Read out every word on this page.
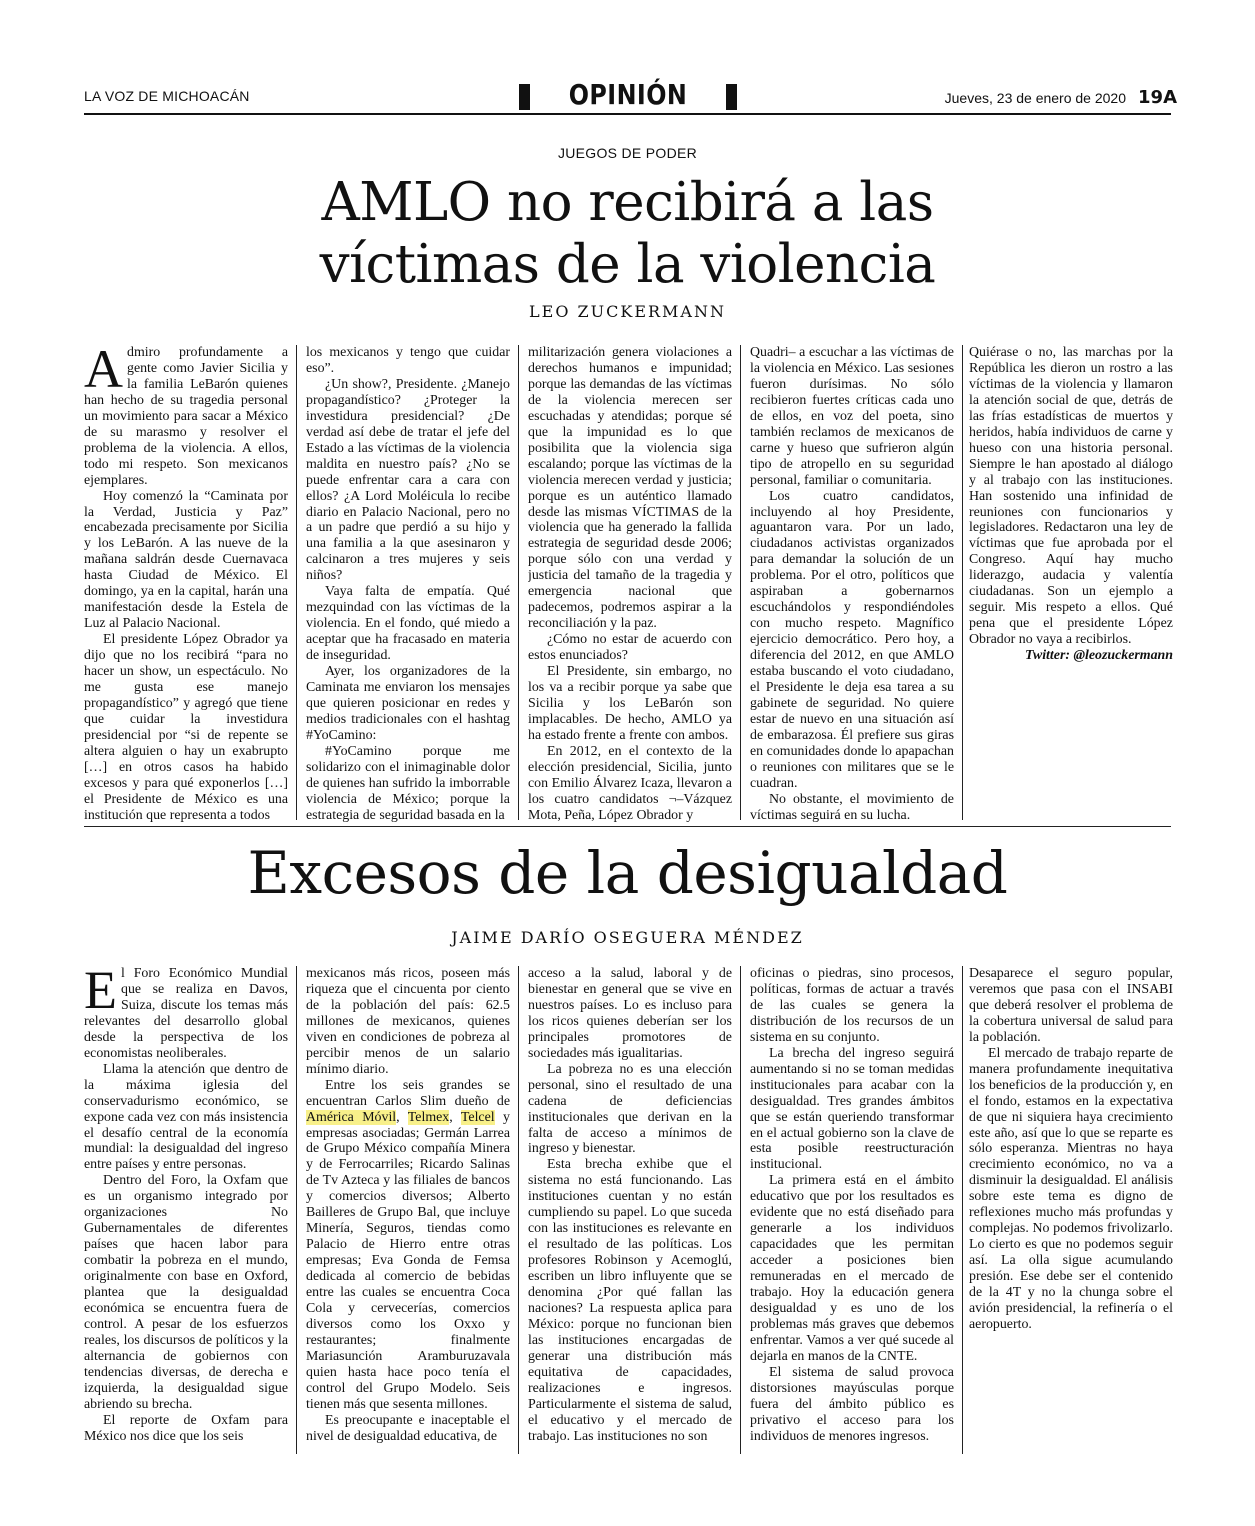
LA VOZ DE MICHOACÁN	OPINIÓN	Jueves, 23 de enero de 2020 19A
JUEGOS DE PODER
AMLO no recibirá a las víctimas de la violencia
LEO ZUCKERMANN

Admiro profundamente a gente como Javier Sicilia y la familia LeBarón quienes han hecho de su tragedia personal un movimiento para sacar a México de su marasmo y resolver el problema de la violencia. A ellos, todo mi respeto. Son mexicanos ejemplares.

Hoy comenzó la “Caminata por la Verdad, Justicia y Paz” encabezada precisamente por Sicilia y los LeBarón. A las nueve de la mañana saldrán desde Cuernavaca hasta Ciudad de México. El domingo, ya en la capital, harán una manifestación desde la Estela de Luz al Palacio Nacional.

El presidente López Obrador ya dijo que no los recibirá “para no hacer un show, un espectáculo. No me gusta ese manejo propagandístico” y agregó que tiene que cuidar la investidura presidencial por “si de repente se altera alguien o hay un exabrupto […] en otros casos ha habido excesos y para qué exponerlos […] el Presidente de México es una institución que representa a todos

los mexicanos y tengo que cuidar eso”.

¿Un show?, Presidente. ¿Manejo propagandístico? ¿Proteger la investidura presidencial? ¿De verdad así debe de tratar el jefe del Estado a las víctimas de la violencia maldita en nuestro país? ¿No se puede enfrentar cara a cara con ellos? ¿A Lord Moléicula lo recibe diario en Palacio Nacional, pero no a un padre que perdió a su hijo y una familia a la que asesinaron y calcinaron a tres mujeres y seis niños?

Vaya falta de empatía. Qué mezquindad con las víctimas de la violencia. En el fondo, qué miedo a aceptar que ha fracasado en materia de inseguridad.

Ayer, los organizadores de la Caminata me enviaron los mensajes que quieren posicionar en redes y medios tradicionales con el hashtag #YoCamino:

#YoCamino porque me solidarizo con el inimaginable dolor de quienes han sufrido la imborrable violencia de México; porque la estrategia de seguridad basada en la

militarización genera violaciones a derechos humanos e impunidad; porque las demandas de las víctimas de la violencia merecen ser escuchadas y atendidas; porque sé que la impunidad es lo que posibilita que la violencia siga escalando; porque las víctimas de la violencia merecen verdad y justicia; porque es un auténtico llamado desde las mismas VÍCTIMAS de la violencia que ha generado la fallida estrategia de seguridad desde 2006; porque sólo con una verdad y justicia del tamaño de la tragedia y emergencia	nacional	que padecemos, podremos aspirar a la reconciliación y la paz.

¿Cómo no estar de acuerdo con estos enunciados?

El Presidente, sin embargo, no los va a recibir porque ya sabe que Sicilia y los LeBarón son implacables. De hecho, AMLO ya ha estado frente a frente con ambos.

En 2012, en el contexto de la elección presidencial, Sicilia, junto con Emilio Álvarez Icaza, llevaron a los cuatro candidatos ¬–Vázquez Mota, Peña, López Obrador y

Quadri– a escuchar a las víctimas de la violencia en México. Las sesiones fueron durísimas. No sólo recibieron fuertes críticas cada uno de ellos, en voz del poeta, sino también reclamos de mexicanos de carne y hueso que sufrieron algún tipo de atropello en su seguridad personal, familiar o comunitaria.

Los cuatro candidatos, incluyendo al hoy Presidente, aguantaron vara. Por un lado, ciudadanos activistas organizados para demandar la solución de un problema. Por el otro, políticos que aspiraban a gobernarnos escuchándolos y respondiéndoles con mucho respeto. Magnífico ejercicio democrático. Pero hoy, a diferencia del 2012, en que AMLO estaba buscando el voto ciudadano, el Presidente le deja esa tarea a su gabinete de seguridad. No quiere estar de nuevo en una situación así de embarazosa. Él prefiere sus giras en comunidades donde lo apapachan o reuniones con militares que se le cuadran.

No obstante, el movimiento de víctimas seguirá en su lucha.

Quiérase o no, las marchas por la República les dieron un rostro a las víctimas de la violencia y llamaron la atención social de que, detrás de las frías estadísticas de muertos y heridos, había individuos de carne y hueso con una historia personal. Siempre le han apostado al diálogo y al trabajo con las instituciones. Han sostenido una infinidad de reuniones con funcionarios y legisladores. Redactaron una ley de víctimas que fue aprobada por el Congreso. Aquí hay mucho liderazgo, audacia y valentía ciudadanas. Son un ejemplo a seguir. Mis respeto a ellos. Qué pena que el presidente López Obrador no vaya a recibirlos.

Twitter: @leozuckermann

Excesos de la desigualdad
JAIME DARÍO OSEGUERA MÉNDEZ

El Foro Económico Mundial que se realiza en Davos, Suiza, discute los temas más relevantes del desarrollo global desde la perspectiva de los economistas neoliberales.

Llama la atención que dentro de la máxima iglesia del conservadurismo económico, se expone cada vez con más insistencia el desafío central de la economía mundial: la desigualdad del ingreso entre países y entre personas.

Dentro del Foro, la Oxfam que es un organismo integrado por organizaciones No Gubernamentales de diferentes países que hacen labor para combatir la pobreza en el mundo, originalmente con base en Oxford, plantea que la desigualdad económica se encuentra fuera de control. A pesar de los esfuerzos reales, los discursos de políticos y la alternancia de gobiernos con tendencias diversas, de derecha e izquierda, la desigualdad sigue abriendo su brecha.

El reporte de Oxfam para México nos dice que los seis

mexicanos más ricos, poseen más riqueza que el cincuenta por ciento de la población del país: 62.5 millones de mexicanos, quienes viven en condiciones de pobreza al percibir menos de un salario mínimo diario.

Entre los seis grandes se encuentran Carlos Slim dueño de América Móvil, Telmex, Telcel y empresas asociadas; Germán Larrea de Grupo México compañía Minera y de Ferrocarriles; Ricardo Salinas de Tv Azteca y las filiales de bancos y comercios diversos; Alberto Bailleres de Grupo Bal, que incluye Minería, Seguros, tiendas como Palacio de Hierro entre otras empresas; Eva Gonda de Femsa dedicada al comercio de bebidas entre las cuales se encuentra Coca Cola y cervecerías, comercios diversos como los Oxxo y restaurantes; finalmente Mariasunción Aramburuzavala quien hasta hace poco tenía el control del Grupo Modelo. Seis tienen más que sesenta millones.

Es preocupante e inaceptable el nivel de desigualdad educativa, de

acceso a la salud, laboral y de bienestar en general que se vive en nuestros países. Lo es incluso para los ricos quienes deberían ser los principales promotores de sociedades más igualitarias.

La pobreza no es una elección personal, sino el resultado de una cadena de deficiencias institucionales que derivan en la falta de acceso a mínimos de ingreso y bienestar.

Esta brecha exhibe que el sistema no está funcionando. Las instituciones cuentan y no están cumpliendo su papel. Lo que suceda con las instituciones es relevante en el resultado de las políticas. Los profesores Robinson y Acemoglú, escriben un libro influyente que se denomina ¿Por qué fallan las naciones? La respuesta aplica para México: porque no funcionan bien las instituciones encargadas de generar una distribución más equitativa de capacidades, realizaciones	e	ingresos. Particularmente el sistema de salud, el educativo y el mercado de trabajo. Las instituciones no son

oficinas o piedras, sino procesos, políticas, formas de actuar a través de las cuales se genera la distribución de los recursos de un sistema en su conjunto.

La brecha del ingreso seguirá aumentando si no se toman medidas institucionales para acabar con la desigualdad. Tres grandes ámbitos que se están queriendo transformar en el actual gobierno son la clave de esta posible reestructuración institucional.

La primera está en el ámbito educativo que por los resultados es evidente que no está diseñado para generarle a los individuos capacidades que les permitan acceder a posiciones bien remuneradas en el mercado de trabajo. Hoy la educación genera desigualdad y es uno de los problemas más graves que debemos enfrentar. Vamos a ver qué sucede al dejarla en manos de la CNTE.

El sistema de salud provoca distorsiones mayúsculas porque fuera del ámbito público es privativo el acceso para los individuos de menores ingresos.

Desaparece el seguro popular, veremos que pasa con el INSABI que deberá resolver el problema de la cobertura universal de salud para la población.

El mercado de trabajo reparte de manera profundamente inequitativa los beneficios de la producción y, en el fondo, estamos en la expectativa de que ni siquiera haya crecimiento este año, así que lo que se reparte es sólo esperanza. Mientras no haya crecimiento económico, no va a disminuir la desigualdad. El análisis sobre este tema es digno de reflexiones mucho más profundas y complejas. No podemos frivolizarlo. Lo cierto es que no podemos seguir así. La olla sigue acumulando presión. Ese debe ser el contenido de la 4T y no la chunga sobre el avión presidencial, la refinería o el aeropuerto.
